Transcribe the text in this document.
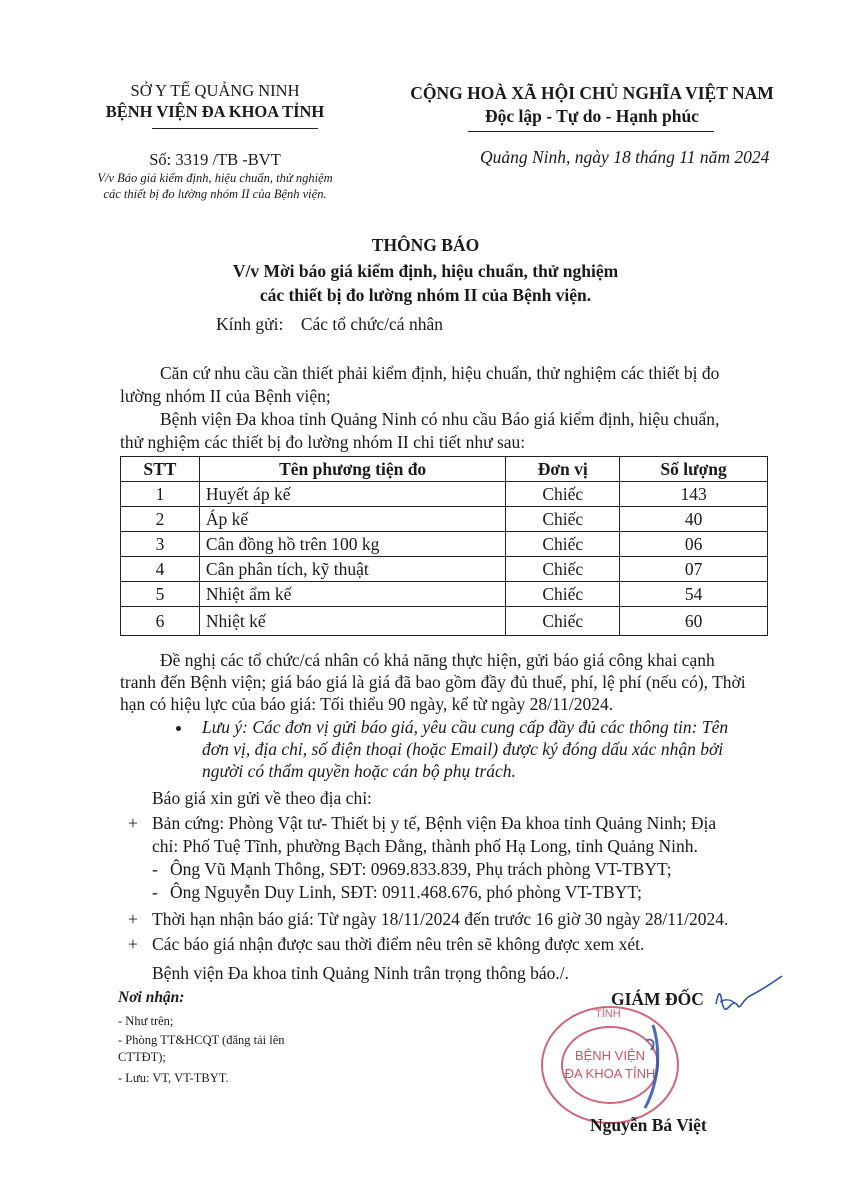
SỞ Y TẾ QUẢNG NINH
BỆNH VIỆN ĐA KHOA TỈNH
Số: 3319 /TB -BVT
V/v Báo giá kiểm định, hiệu chuẩn, thử nghiệm
các thiết bị đo lường nhóm II của Bệnh viện.
CỘNG HOÀ XÃ HỘI CHỦ NGHĨA VIỆT NAM
Độc lập - Tự do - Hạnh phúc
Quảng Ninh, ngày 18 tháng 11 năm 2024
THÔNG BÁO
V/v Mời báo giá kiểm định, hiệu chuẩn, thử nghiệm
các thiết bị đo lường nhóm II của Bệnh viện.
Kính gửi:    Các tổ chức/cá nhân
Căn cứ nhu cầu cần thiết phải kiểm định, hiệu chuẩn, thử nghiệm các thiết bị đo
lường nhóm II của Bệnh viện;
Bệnh viện Đa khoa tỉnh Quảng Ninh có nhu cầu Báo giá kiểm định, hiệu chuẩn,
thử nghiệm các thiết bị đo lường nhóm II chi tiết như sau:
STT	Tên phương tiện đo	Đơn vị	Số lượng
1	Huyết áp kế	Chiếc	143
2	Áp kế	Chiếc	40
3	Cân đồng hồ trên 100 kg	Chiếc	06
4	Cân phân tích, kỹ thuật	Chiếc	07
5	Nhiệt ẩm kế	Chiếc	54
6	Nhiệt kế	Chiếc	60
Đề nghị các tổ chức/cá nhân có khả năng thực hiện, gửi báo giá công khai cạnh
tranh đến Bệnh viện; giá báo giá là giá đã bao gồm đầy đủ thuế, phí, lệ phí (nếu có), Thời
hạn có hiệu lực của báo giá: Tối thiểu 90 ngày, kể từ ngày 28/11/2024.
Lưu ý: Các đơn vị gửi báo giá, yêu cầu cung cấp đầy đủ các thông tin: Tên
đơn vị, địa chỉ, số điện thoại (hoặc Email) được ký đóng dấu xác nhận bởi
người có thẩm quyền hoặc cán bộ phụ trách.
Báo giá xin gửi về theo địa chỉ:
+ Bản cứng: Phòng Vật tư- Thiết bị y tế, Bệnh viện Đa khoa tỉnh Quảng Ninh; Địa
chỉ: Phố Tuệ Tĩnh, phường Bạch Đằng, thành phố Hạ Long, tỉnh Quảng Ninh.
- Ông Vũ Mạnh Thông, SĐT: 0969.833.839, Phụ trách phòng VT-TBYT;
- Ông Nguyễn Duy Linh, SĐT: 0911.468.676, phó phòng VT-TBYT;
+ Thời hạn nhận báo giá: Từ ngày 18/11/2024 đến trước 16 giờ 30 ngày 28/11/2024.
+ Các báo giá nhận được sau thời điểm nêu trên sẽ không được xem xét.
Bệnh viện Đa khoa tỉnh Quảng Ninh trân trọng thông báo./.
Nơi nhận:
- Như trên;
- Phòng TT&HCQT (đăng tải lên
CTTĐT);
- Lưu: VT, VT-TBYT.
TỈNH
BỆNH VIỆN
ĐA KHOA TỈNH
GIÁM ĐỐC
Nguyễn Bá Việt
